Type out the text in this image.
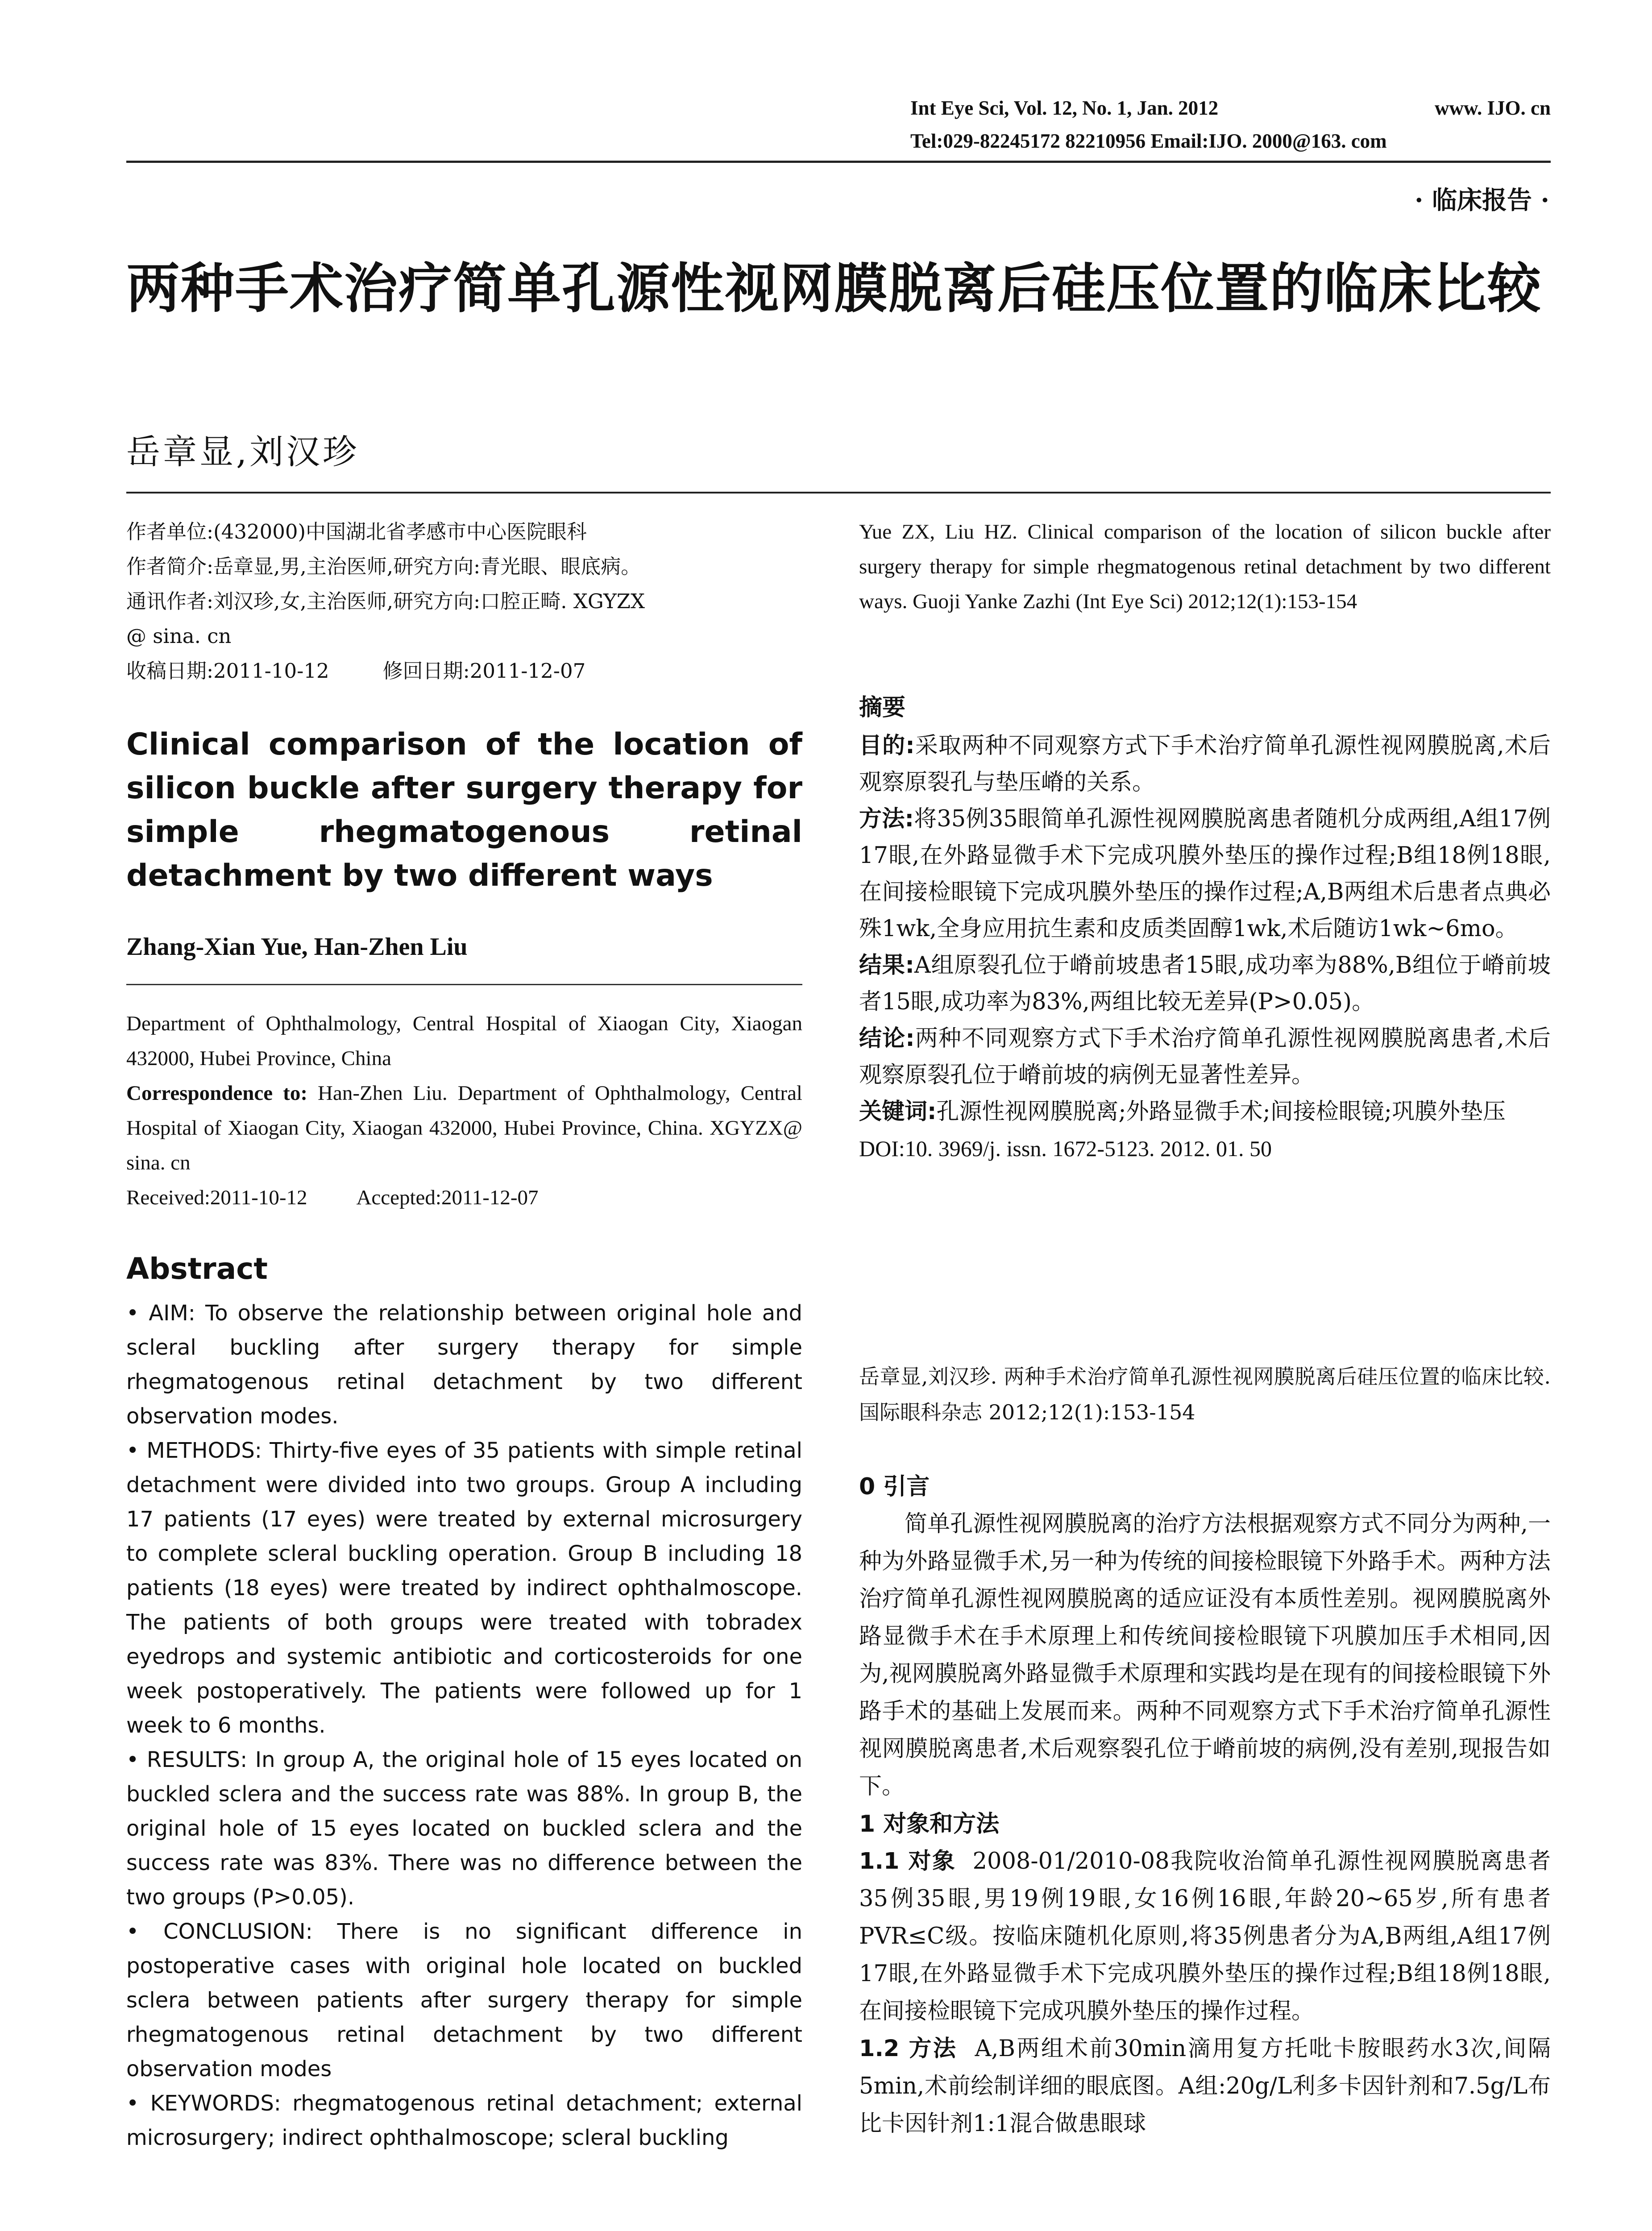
Int Eye Sci, Vol. 12, No. 1, Jan. 2012	www. IJO. cn
Tel:029-82245172 82210956 Email:IJO. 2000@163. com
· 临床报告 ·
两种手术治疗简单孔源性视网膜脱离后硅压位置的临床比较
岳章显,刘汉珍
作者单位:(432000)中国湖北省孝感市中心医院眼科
作者简介:岳章显,男,主治医师,研究方向:青光眼、眼底病。
通讯作者:刘汉珍,女,主治医师,研究方向:口腔正畸. XGYZX
@ sina. cn
收稿日期:2011-10-12	修回日期:2011-12-07
Clinical comparison of the location of silicon buckle after surgery therapy for simple rhegmatogenous retinal detachment by two different ways
Zhang-Xian Yue, Han-Zhen Liu
Department of Ophthalmology, Central Hospital of Xiaogan City, Xiaogan 432000, Hubei Province, China
Correspondence to: Han-Zhen Liu. Department of Ophthalmology, Central Hospital of Xiaogan City, Xiaogan 432000, Hubei Province, China. XGYZX@ sina. cn
Received:2011-10-12 Accepted:2011-12-07
Abstract

• AIM: To observe the relationship between original hole and scleral buckling after surgery therapy for simple rhegmatogenous retinal detachment by two different observation modes.

• METHODS: Thirty-five eyes of 35 patients with simple retinal detachment were divided into two groups. Group A including 17 patients (17 eyes) were treated by external microsurgery to complete scleral buckling operation. Group B including 18 patients (18 eyes) were treated by indirect ophthalmoscope. The patients of both groups were treated with tobradex eyedrops and systemic antibiotic and corticosteroids for one week postoperatively. The patients were followed up for 1 week to 6 months.

• RESULTS: In group A, the original hole of 15 eyes located on buckled sclera and the success rate was 88%. In group B, the original hole of 15 eyes located on buckled sclera and the success rate was 83%. There was no difference between the two groups (P>0.05).

• CONCLUSION: There is no significant difference in postoperative cases with original hole located on buckled sclera between patients after surgery therapy for simple rhegmatogenous retinal detachment by two different observation modes

• KEYWORDS: rhegmatogenous retinal detachment; external microsurgery; indirect ophthalmoscope; scleral buckling

Yue ZX, Liu HZ. Clinical comparison of the location of silicon buckle after surgery therapy for simple rhegmatogenous retinal detachment by two different ways. Guoji Yanke Zazhi (Int Eye Sci) 2012;12(1):153-154
摘要

目的:采取两种不同观察方式下手术治疗简单孔源性视网膜脱离,术后观察原裂孔与垫压嵴的关系。

方法:将35例35眼简单孔源性视网膜脱离患者随机分成两组,A组17例17眼,在外路显微手术下完成巩膜外垫压的操作过程;B组18例18眼,在间接检眼镜下完成巩膜外垫压的操作过程;A,B两组术后患者点典必殊1wk,全身应用抗生素和皮质类固醇1wk,术后随访1wk~6mo。

结果:A组原裂孔位于嵴前坡患者15眼,成功率为88%,B组位于嵴前坡者15眼,成功率为83%,两组比较无差异(P>0.05)。

结论:两种不同观察方式下手术治疗简单孔源性视网膜脱离患者,术后观察原裂孔位于嵴前坡的病例无显著性差异。

关键词:孔源性视网膜脱离;外路显微手术;间接检眼镜;巩膜外垫压

DOI:10. 3969/j. issn. 1672-5123. 2012. 01. 50

岳章显,刘汉珍. 两种手术治疗简单孔源性视网膜脱离后硅压位置的临床比较. 国际眼科杂志 2012;12(1):153-154
0 引言

简单孔源性视网膜脱离的治疗方法根据观察方式不同分为两种,一种为外路显微手术,另一种为传统的间接检眼镜下外路手术。两种方法治疗简单孔源性视网膜脱离的适应证没有本质性差别。视网膜脱离外路显微手术在手术原理上和传统间接检眼镜下巩膜加压手术相同,因为,视网膜脱离外路显微手术原理和实践均是在现有的间接检眼镜下外路手术的基础上发展而来。两种不同观察方式下手术治疗简单孔源性视网膜脱离患者,术后观察裂孔位于嵴前坡的病例,没有差别,现报告如下。

1 对象和方法

1.1 对象 2008-01/2010-08我院收治简单孔源性视网膜脱离患者35例35眼,男19例19眼,女16例16眼,年龄20~65岁,所有患者PVR≤C级。按临床随机化原则,将35例患者分为A,B两组,A组17例17眼,在外路显微手术下完成巩膜外垫压的操作过程;B组18例18眼,在间接检眼镜下完成巩膜外垫压的操作过程。

1.2 方法 A,B两组术前30min滴用复方托吡卡胺眼药水3次,间隔5min,术前绘制详细的眼底图。A组:20g/L利多卡因针剂和7.5g/L布比卡因针剂1:1混合做患眼球
